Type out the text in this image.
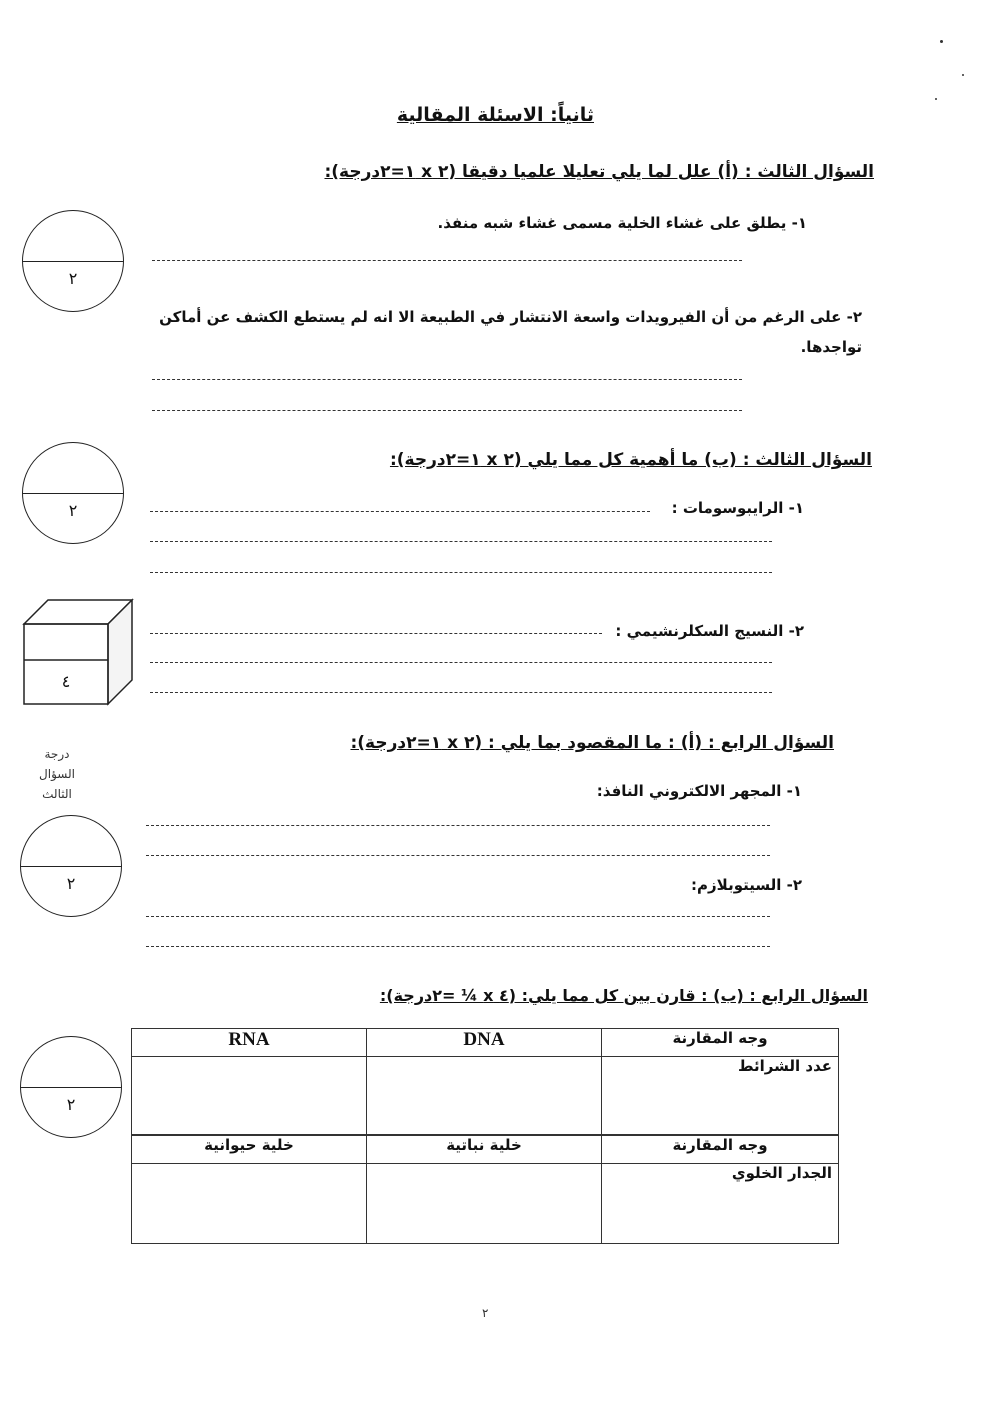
ثانياً: الاسئلة المقالية
السؤال الثالث : (أ) علل لما يلي تعليلا علميا دقيقا (٢ x ١=٢درجة):
١- يطلق على غشاء الخلية مسمى غشاء شبه منفذ.
٢- على الرغم من أن الفيرويدات واسعة الانتشار في الطبيعة الا انه لم يستطع الكشف عن أماكن تواجدها.
٢
السؤال الثالث : (ب) ما أهمية كل مما يلي (٢ x ١=٢درجة):
١- الرايبوسومات :
٢
٢- النسيج السكلرنشيمي :
٤
درجة السؤال الثالث
السؤال الرابع : (أ) : ما المقصود بما يلي : (٢ x ١=٢درجة):
١- المجهر الالكتروني النافذ:
٢	٢- السيتوبلازم:
السؤال الرابع : (ب) : قارن بين كل مما يلي: (٤ x ¼ =٢درجة):
٢
RNA	DNA	وجه المقارنة
		عدد الشرائط
خلية حيوانية	خلية نباتية	وجه المقارنة
		الجدار الخلوي
٢
